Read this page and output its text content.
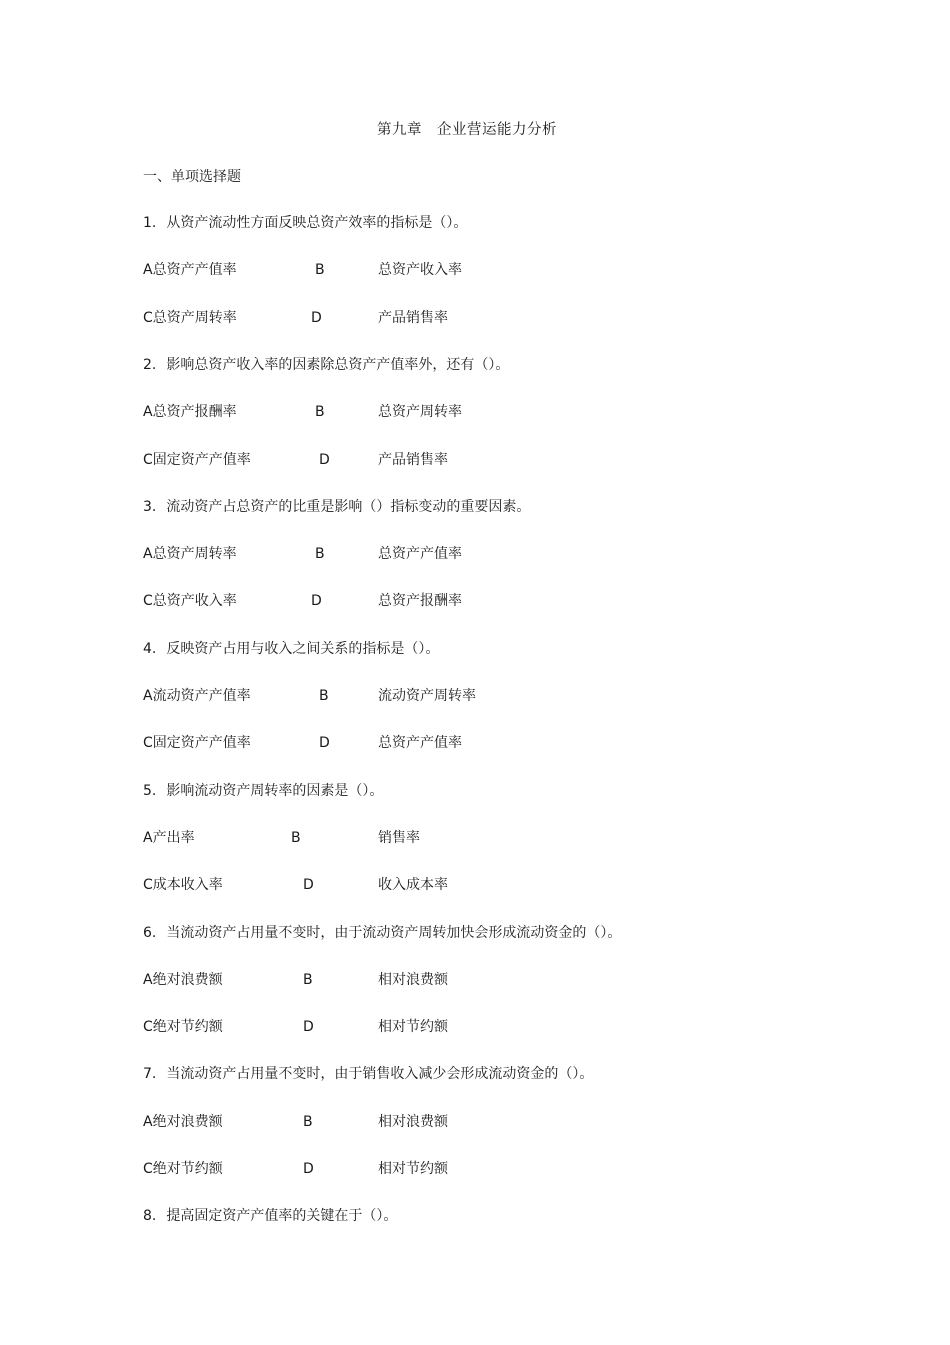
第九章　企业营运能力分析
一、单项选择题
1. 从资产流动性方面反映总资产效率的指标是（）。
A总资产产值率	B	总资产收入率
C总资产周转率	D	产品销售率
2. 影响总资产收入率的因素除总资产产值率外，还有（）。
A总资产报酬率	B	总资产周转率
C固定资产产值率	D	产品销售率
3. 流动资产占总资产的比重是影响（）指标变动的重要因素。
A总资产周转率	B	总资产产值率
C总资产收入率	D	总资产报酬率
4. 反映资产占用与收入之间关系的指标是（）。
A流动资产产值率	B	流动资产周转率
C固定资产产值率	D	总资产产值率
5. 影响流动资产周转率的因素是（）。
A产出率	B	销售率
C成本收入率	D	收入成本率
6. 当流动资产占用量不变时，由于流动资产周转加快会形成流动资金的（）。
A绝对浪费额	B	相对浪费额
C绝对节约额	D	相对节约额
7. 当流动资产占用量不变时，由于销售收入减少会形成流动资金的（）。
A绝对浪费额	B	相对浪费额
C绝对节约额	D	相对节约额
8. 提高固定资产产值率的关键在于（）。
